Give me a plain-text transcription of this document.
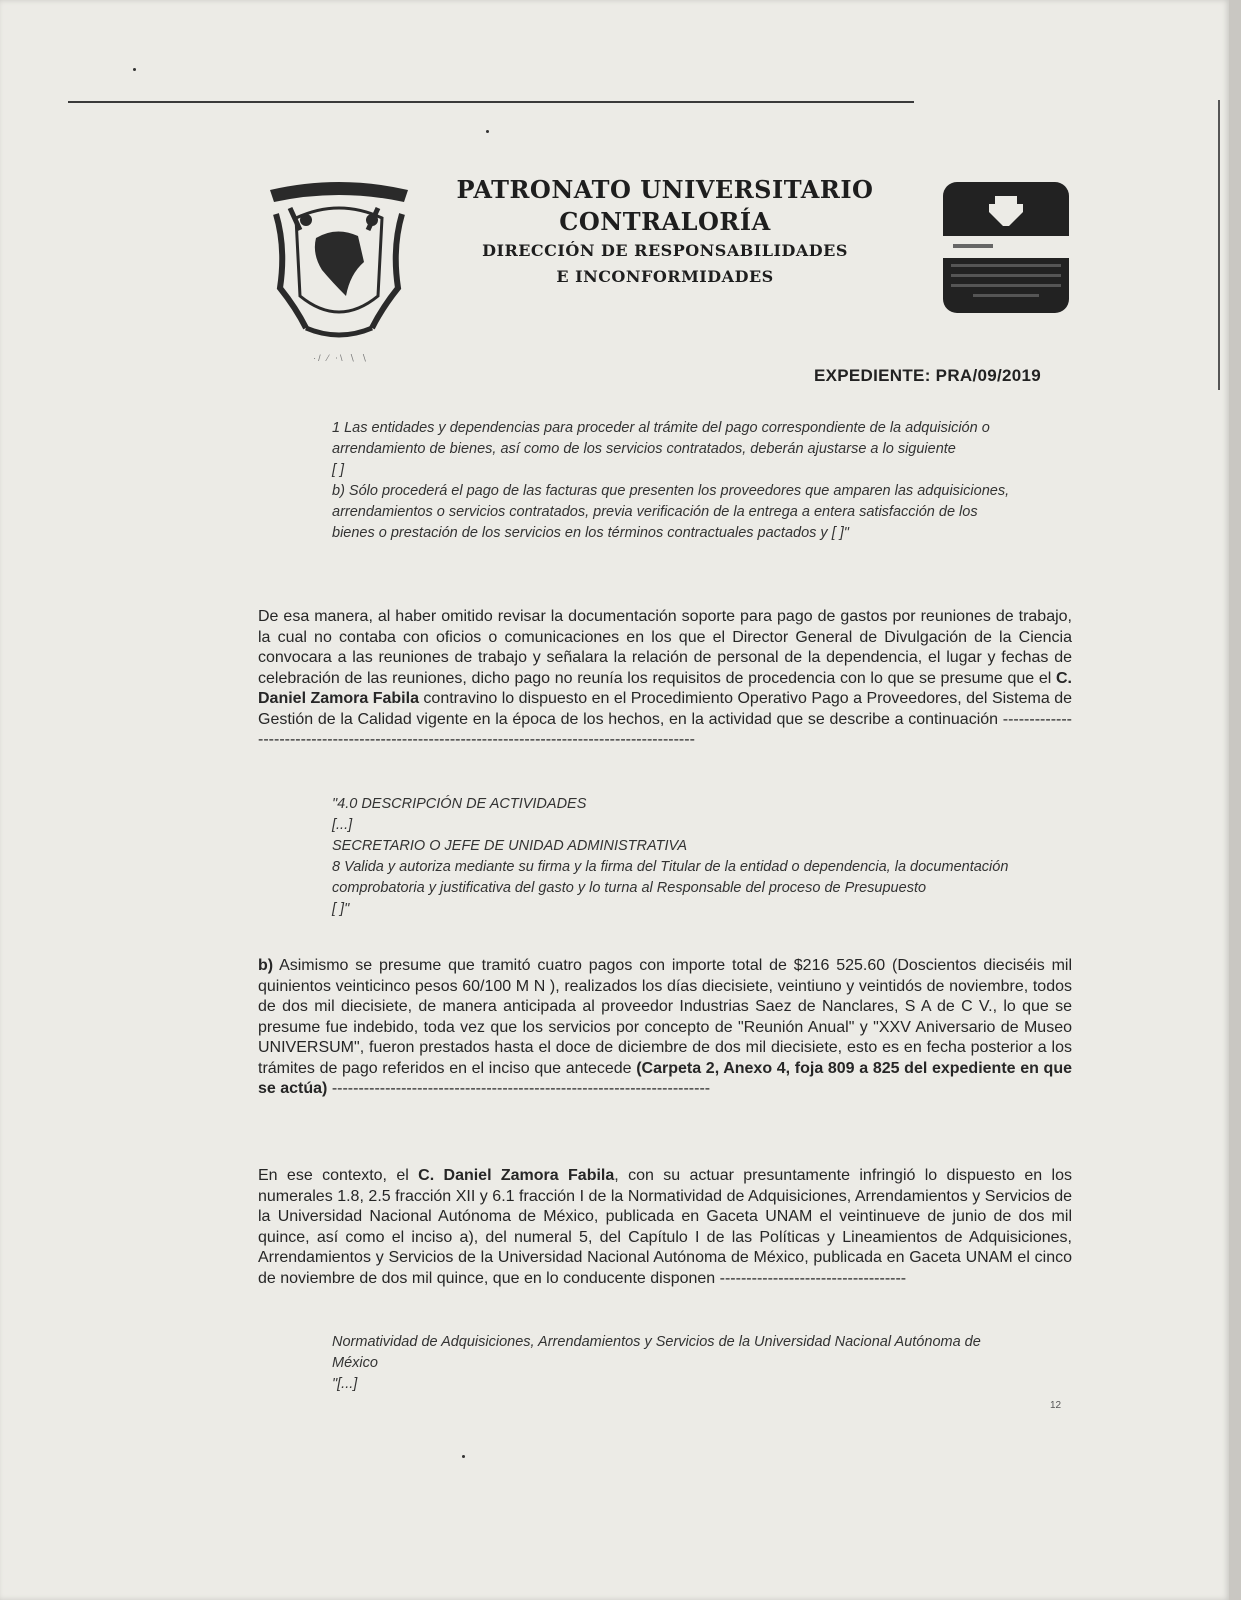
·/ ⁄ ⋅\ ∖ ∖
PATRONATO UNIVERSITARIO
CONTRALORÍA
DIRECCIÓN DE RESPONSABILIDADES
E INCONFORMIDADES
EXPEDIENTE: PRA/09/2019

1 Las entidades y dependencias para proceder al trámite del pago correspondiente de la adquisición o arrendamiento de bienes, así como de los servicios contratados, deberán ajustarse a lo siguiente

[ ]

b) Sólo procederá el pago de las facturas que presenten los proveedores que amparen las adquisiciones, arrendamientos o servicios contratados, previa verificación de la entrega a entera satisfacción de los bienes o prestación de los servicios en los términos contractuales pactados y [ ]"

De esa manera, al haber omitido revisar la documentación soporte para pago de gastos por reuniones de trabajo, la cual no contaba con oficios o comunicaciones en los que el Director General de Divulgación de la Ciencia convocara a las reuniones de trabajo y señalara la relación de personal de la dependencia, el lugar y fechas de celebración de las reuniones, dicho pago no reunía los requisitos de procedencia con lo que se presume que el C. Daniel Zamora Fabila contravino lo dispuesto en el Procedimiento Operativo Pago a Proveedores, del Sistema de Gestión de la Calidad vigente en la época de los hechos, en la actividad que se describe a continuación -----------------------------------------------------------------------------------------------

"4.0 DESCRIPCIÓN DE ACTIVIDADES

[...]

SECRETARIO O JEFE DE UNIDAD ADMINISTRATIVA

8 Valida y autoriza mediante su firma y la firma del Titular de la entidad o dependencia, la documentación comprobatoria y justificativa del gasto y lo turna al Responsable del proceso de Presupuesto

[ ]"

b) Asimismo se presume que tramitó cuatro pagos con importe total de $216 525.60 (Doscientos dieciséis mil quinientos veinticinco pesos 60/100 M N ), realizados los días diecisiete, veintiuno y veintidós de noviembre, todos de dos mil diecisiete, de manera anticipada al proveedor Industrias Saez de Nanclares, S A de C V., lo que se presume fue indebido, toda vez que los servicios por concepto de "Reunión Anual" y "XXV Aniversario de Museo UNIVERSUM", fueron prestados hasta el doce de diciembre de dos mil diecisiete, esto es en fecha posterior a los trámites de pago referidos en el inciso que antecede (Carpeta 2, Anexo 4, foja 809 a 825 del expediente en que se actúa) -----------------------------------------------------------------------

En ese contexto, el C. Daniel Zamora Fabila, con su actuar presuntamente infringió lo dispuesto en los numerales 1.8, 2.5 fracción XII y 6.1 fracción I de la Normatividad de Adquisiciones, Arrendamientos y Servicios de la Universidad Nacional Autónoma de México, publicada en Gaceta UNAM el veintinueve de junio de dos mil quince, así como el inciso a), del numeral 5, del Capítulo I de las Políticas y Lineamientos de Adquisiciones, Arrendamientos y Servicios de la Universidad Nacional Autónoma de México, publicada en Gaceta UNAM el cinco de noviembre de dos mil quince, que en lo conducente disponen -----------------------------------

Normatividad de Adquisiciones, Arrendamientos y Servicios de la Universidad Nacional Autónoma de México

"[...]

12
